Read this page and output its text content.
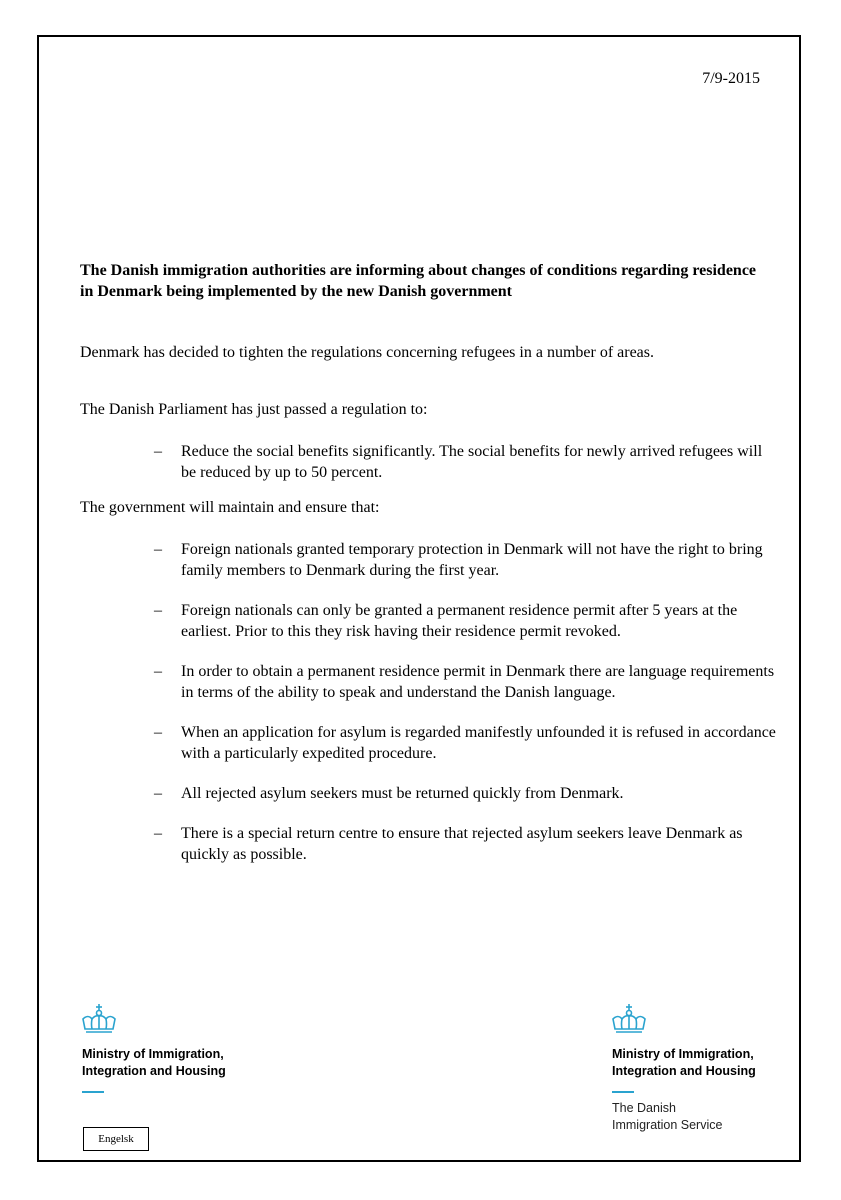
7/9-2015

The Danish immigration authorities are informing about changes of conditions regarding residence in Denmark being implemented by the new Danish government

Denmark has decided to tighten the regulations concerning refugees in a number of areas.

The Danish Parliament has just passed a regulation to:

– Reduce the social benefits significantly. The social benefits for newly arrived refugees will be reduced by up to 50 percent.

The government will maintain and ensure that:

– Foreign nationals granted temporary protection in Denmark will not have the right to bring family members to Denmark during the first year.
– Foreign nationals can only be granted a permanent residence permit after 5 years at the earliest. Prior to this they risk having their residence permit revoked.
– In order to obtain a permanent residence permit in Denmark there are language requirements in terms of the ability to speak and understand the Danish language.
– When an application for asylum is regarded manifestly unfounded it is refused in accordance with a particularly expedited procedure.
– All rejected asylum seekers must be returned quickly from Denmark.
– There is a special return centre to ensure that rejected asylum seekers leave Denmark as quickly as possible.
Ministry of Immigration,
Integration and Housing
Ministry of Immigration,
Integration and Housing
The Danish
Immigration Service
Engelsk
